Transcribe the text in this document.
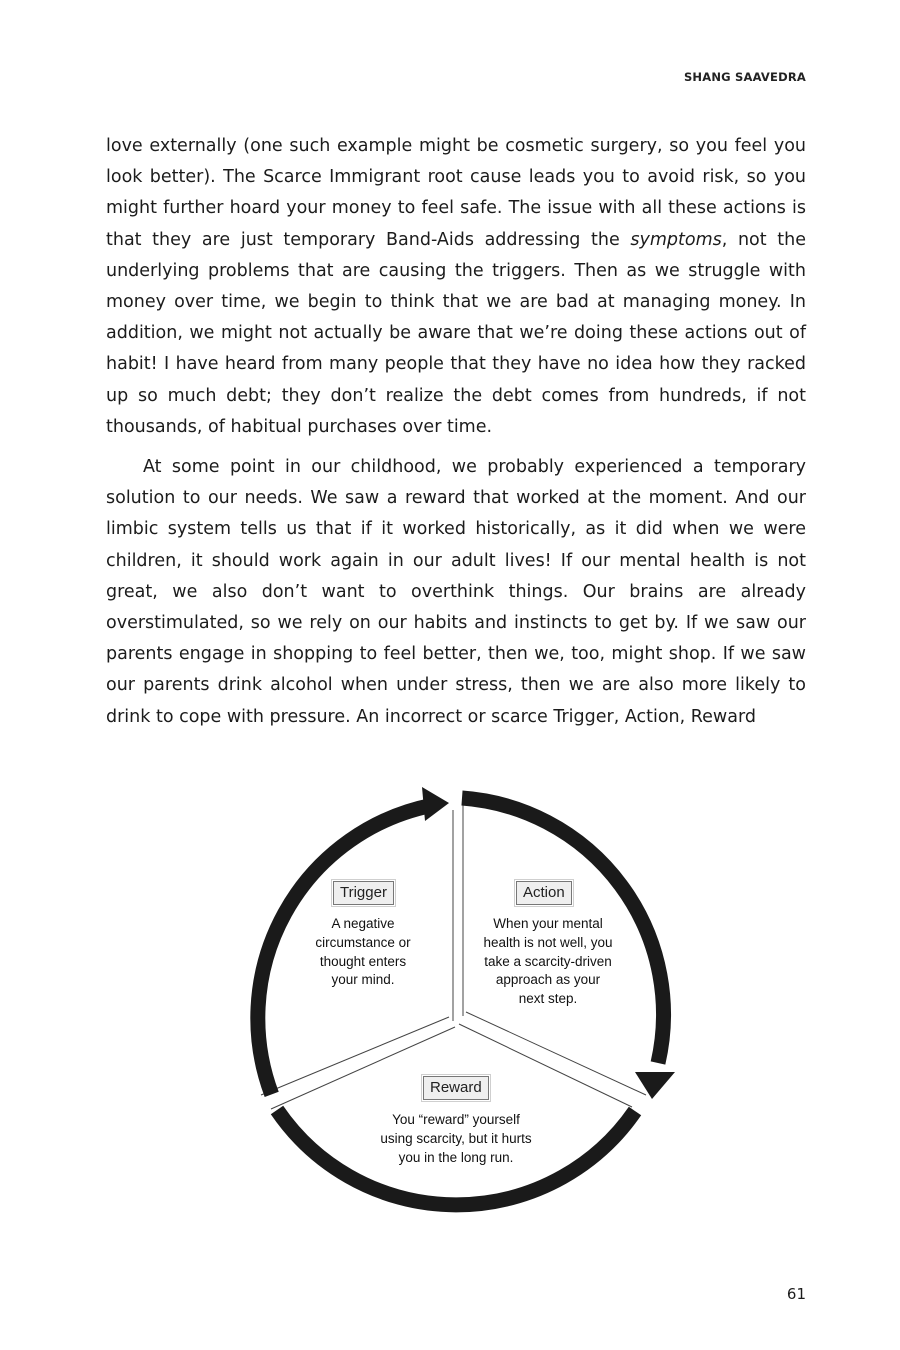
SHANG SAAVEDRA

love externally (one such example might be cosmetic surgery, so you feel you look better). The Scarce Immigrant root cause leads you to avoid risk, so you might further hoard your money to feel safe. The issue with all these actions is that they are just temporary Band-Aids addressing the symptoms, not the underlying problems that are causing the triggers. Then as we struggle with money over time, we begin to think that we are bad at managing money. In addition, we might not actually be aware that we’re doing these actions out of habit! I have heard from many people that they have no idea how they racked up so much debt; they don’t realize the debt comes from hundreds, if not thousands, of habitual purchases over time.

At some point in our childhood, we probably experienced a temporary solution to our needs. We saw a reward that worked at the moment. And our limbic system tells us that if it worked historically, as it did when we were children, it should work again in our adult lives! If our mental health is not great, we also don’t want to overthink things. Our brains are already overstimulated, so we rely on our habits and instincts to get by. If we saw our parents engage in shopping to feel better, then we, too, might shop. If we saw our parents drink alcohol when under stress, then we are also more likely to drink to cope with pressure. An incorrect or scarce Trigger, Action, Reward

Trigger
A negative
circumstance or
thought enters
your mind.
Action
When your mental
health is not well, you
take a scarcity-driven
approach as your
next step.
Reward
You “reward” yourself
using scarcity, but it hurts
you in the long run.
61
